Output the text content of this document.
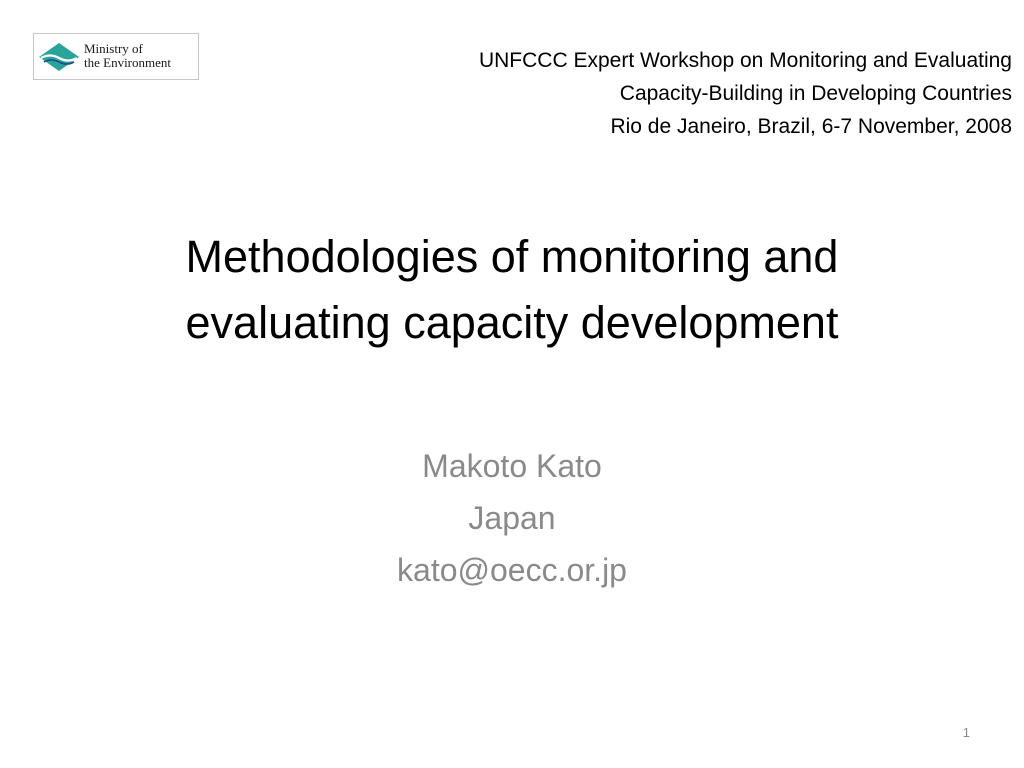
Ministry of
the Environment	UNFCCC Expert Workshop on Monitoring and Evaluating
Capacity-Building in Developing Countries
Rio de Janeiro, Brazil, 6-7 November, 2008
Methodologies of monitoring and
evaluating capacity development
Makoto Kato
Japan
kato@oecc.or.jp
1
